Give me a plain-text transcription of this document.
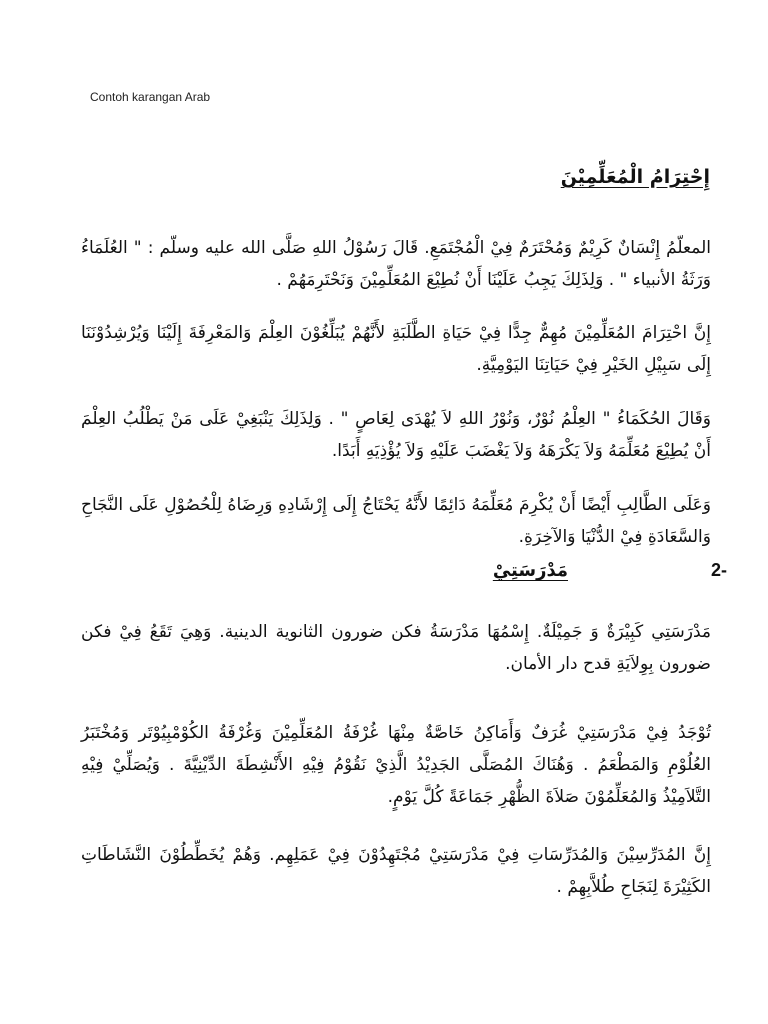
Contoh karangan Arab
إِحْتِرَامُ الْمُعَلِّمِيْنَ

المعلّمُ إِنْسَانٌ كَرِيْمٌ وَمُحْتَرَمٌ فِيْ الْمُجْتَمَعِ. قَالَ رَسُوْلُ اللهِ صَلَّى الله عليه وسلّم : " العُلَمَاءُ وَرَثَةُ الأنبياء " . وَلِذَلِكَ يَجِبُ عَلَيْنَا أَنْ نُطِيْعَ المُعَلِّمِيْنَ وَنَحْتَرِمَهُمْ .

إِنَّ احْتِرَامَ المُعَلِّمِيْنَ مُهِمٌّ جِدًّا فِيْ حَيَاةِ الطَّلَبَةِ لأَنَّهُمْ يُبَلِّغُوْنَ العِلْمَ وَالمَعْرِفَةَ إِلَيْنَا وَيُرْشِدُوْنَنَا إِلَى سَبِيْلِ الخَيْرِ فِيْ حَيَاتِنَا اليَوْمِيَّةِ.

وَقَالَ الحُكَمَاءُ " العِلْمُ نُوْرٌ، وَنُوْرُ اللهِ لاَ يُهْدَى لِعَاصٍ " . وَلِذَلِكَ يَنْبَغِيْ عَلَى مَنْ يَطْلُبُ العِلْمَ أَنْ يُطِيْعَ مُعَلِّمَهُ وَلاَ يَكْرَهَهُ وَلاَ يَغْضَبَ عَلَيْهِ وَلاَ يُؤْذِيَهِ أَبَدًا.

وَعَلَى الطَّالِبِ أَيْضًا أَنْ يُكْرِمَ مُعَلِّمَهُ دَائِمًا لأَنَّهُ يَحْتَاجُ إِلَى إِرْشَادِهِ وَرِضَاهُ لِلْحُصُوْلِ عَلَى النَّجَاحِ وَالسَّعَادَةِ فِيْ الدُّنْيَا وَالآخِرَةِ.

2-
مَدْرَسَتِيْ

مَدْرَسَتِي كَبِيْرَةٌ وَ جَمِيْلَةٌ. إِسْمُهَا مَدْرَسَةُ فكن ضورون الثانوية الدينية. وَهِيَ تَقَعُ فِيْ فكن ضورون بِوِلاَيَةِ قدح دار الأمان.

تُوْجَدُ فِيْ مَدْرَسَتِيْ غُرَفٌ وَأَمَاكِنُ خَاصَّةٌ مِنْهَا غُرْفَةُ المُعَلِّمِيْنَ وَغُرْفَةُ الكُوْمْبِيُوْتَر وَمُخْتَبَرُ العُلُوْمِ وَالمَطْعَمُ . وَهُنَاكَ المُصَلَّى الجَدِيْدُ الَّذِيْ نَقُوْمُ فِيْهِ الأَنْشِطَةَ الدِّيْنِيَّةَ . وَيُصَلِّيْ فِيْهِ التَّلاَمِيْذُ وَالمُعَلِّمُوْنَ صَلاَةَ الظُّهْرِ جَمَاعَةً كُلَّ يَوْمٍ.

إِنَّ المُدَرِّسِيْنَ وَالمُدَرِّسَاتِ فِيْ مَدْرَسَتِيْ مُجْتَهِدُوْنَ فِيْ عَمَلِهِم. وَهُمْ يُخَطِّطُوْنَ النَّشَاطَاتِ الكَثِيْرَةَ لِنَجَاحِ طُلاَّبِهِمْ .
